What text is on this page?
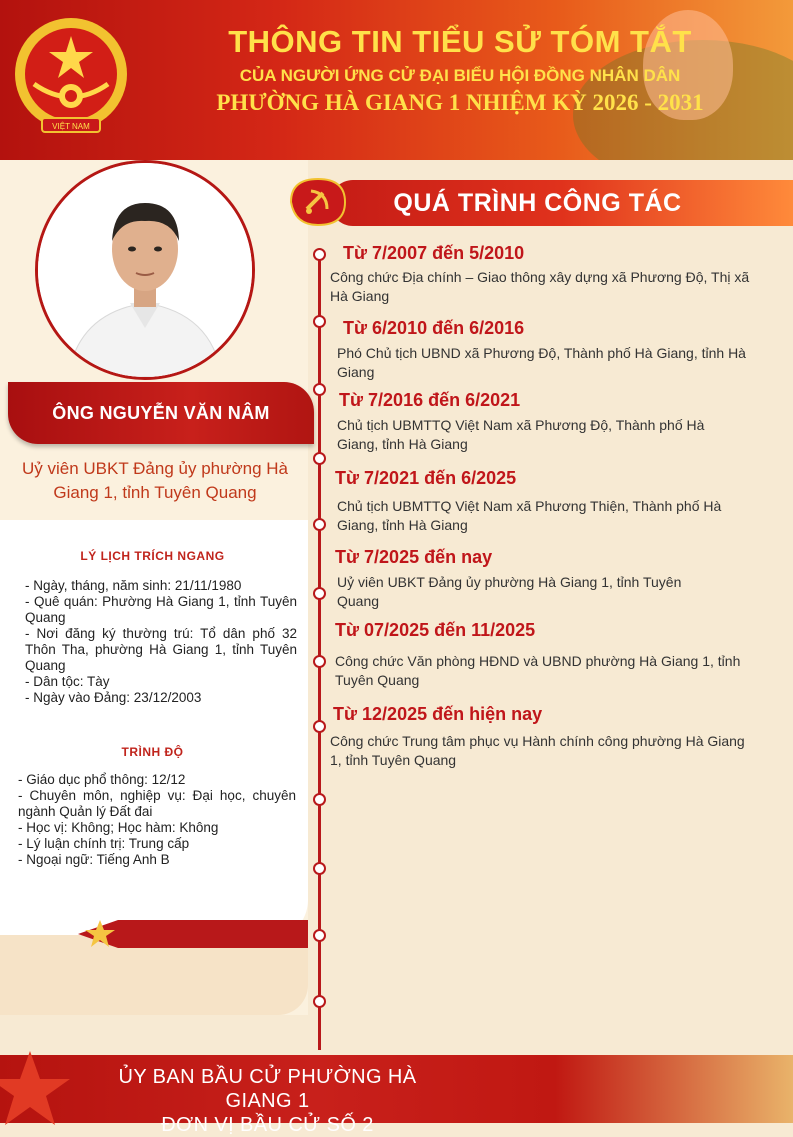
VIỆT NAM
THÔNG TIN TIỂU SỬ TÓM TẮT
CỦA NGƯỜI ỨNG CỬ ĐẠI BIỂU HỘI ĐỒNG NHÂN DÂN
PHƯỜNG HÀ GIANG 1 NHIỆM KỲ 2026 - 2031
ÔNG NGUYỄN VĂN NÂM
Uỷ viên UBKT Đảng ủy phường Hà Giang 1, tỉnh Tuyên Quang
LÝ LỊCH TRÍCH NGANG
- Ngày, tháng, năm sinh: 21/11/1980
- Quê quán: Phường Hà Giang 1, tỉnh Tuyên Quang
- Nơi đăng ký thường trú: Tổ dân phố 32 Thôn Tha, phường Hà Giang 1, tỉnh Tuyên Quang
- Dân tộc: Tày
- Ngày vào Đảng: 23/12/2003
TRÌNH ĐỘ
- Giáo dục phổ thông: 12/12
- Chuyên môn, nghiệp vụ: Đại học, chuyên ngành Quản lý Đất đai
- Học vị: Không; Học hàm: Không
- Lý luận chính trị: Trung cấp
- Ngoại ngữ: Tiếng Anh B
QUÁ TRÌNH CÔNG TÁC
Từ 7/2007 đến 5/2010
Công chức Địa chính – Giao thông xây dựng xã Phương Độ, Thị xã Hà Giang
Từ 6/2010 đến 6/2016
Phó Chủ tịch UBND xã Phương Độ, Thành phố Hà Giang, tỉnh Hà Giang
Từ 7/2016 đến 6/2021
Chủ tịch UBMTTQ Việt Nam xã Phương Độ, Thành phố Hà Giang, tỉnh Hà Giang
Từ 7/2021 đến 6/2025
Chủ tịch UBMTTQ Việt Nam xã Phương Thiện, Thành phố Hà Giang, tỉnh Hà Giang
Từ 7/2025 đến nay
Uỷ viên UBKT Đảng ủy phường Hà Giang 1, tỉnh Tuyên Quang
Từ 07/2025 đến 11/2025
Công chức Văn phòng HĐND và UBND phường Hà Giang 1, tỉnh Tuyên Quang
Từ 12/2025 đến hiện nay
Công chức Trung tâm phục vụ Hành chính công phường Hà Giang 1, tỉnh Tuyên Quang
ỦY BAN BẦU CỬ PHƯỜNG HÀ GIANG 1
ĐƠN VỊ BẦU CỬ SỐ 2
